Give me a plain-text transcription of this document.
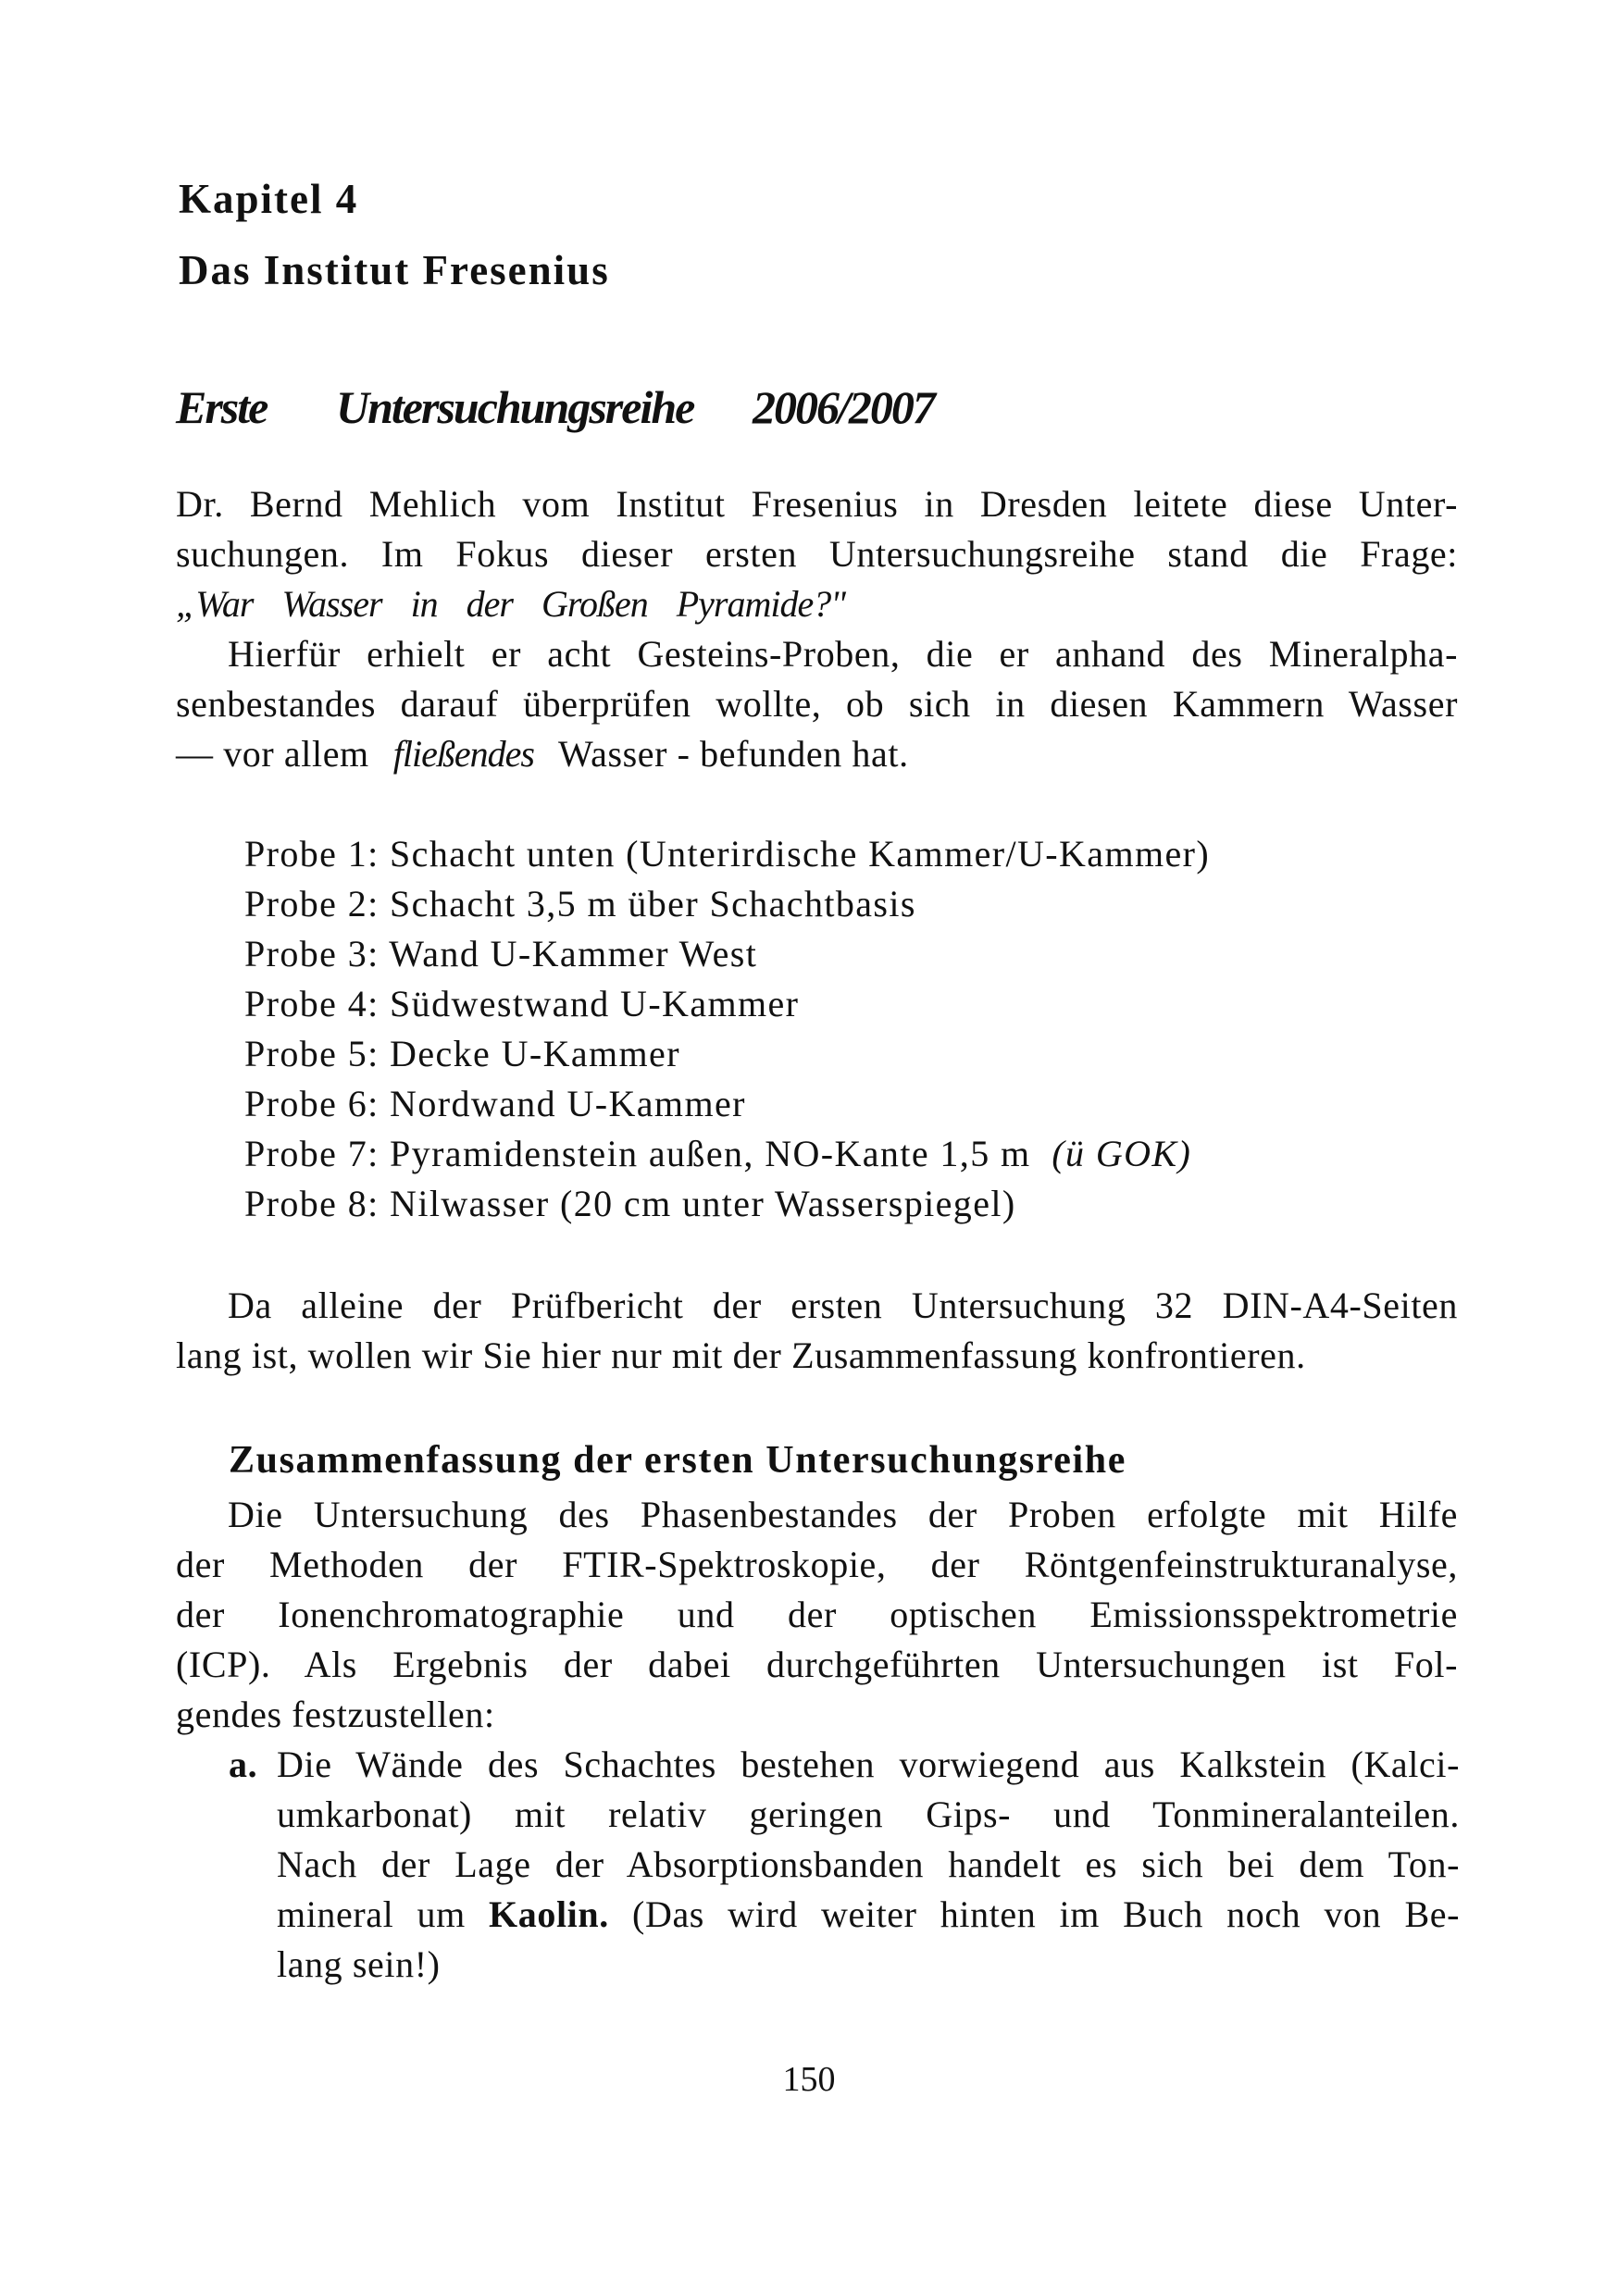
Kapitel 4
Das Institut Fresenius
Erste Untersuchungsreihe 2006/2007
Dr. Bernd Mehlich vom Institut Fresenius in Dresden leitete diese Unter-
suchungen. Im Fokus dieser ersten Untersuchungsreihe stand die Frage:
„War Wasser in der Großen Pyramide?"
Hierfür erhielt er acht Gesteins-Proben, die er anhand des Mineralpha-
senbestandes darauf überprüfen wollte, ob sich in diesen Kammern Wasser
— vor allem fließendes Wasser - befunden hat.
Probe 1: Schacht unten (Unterirdische Kammer/U-Kammer)
Probe 2: Schacht 3,5 m über Schachtbasis
Probe 3: Wand U-Kammer West
Probe 4: Südwestwand U-Kammer
Probe 5: Decke U-Kammer
Probe 6: Nordwand U-Kammer
Probe 7: Pyramidenstein außen, NO-Kante 1,5 m (ü GOK)
Probe 8: Nilwasser (20 cm unter Wasserspiegel)
Da alleine der Prüfbericht der ersten Untersuchung 32 DIN-A4-Seiten
lang ist, wollen wir Sie hier nur mit der Zusammenfassung konfrontieren.
Zusammenfassung der ersten Untersuchungsreihe
Die Untersuchung des Phasenbestandes der Proben erfolgte mit Hilfe
der Methoden der FTIR-Spektroskopie, der Röntgenfeinstrukturanalyse,
der Ionenchromatographie und der optischen Emissionsspektrometrie
(ICP). Als Ergebnis der dabei durchgeführten Untersuchungen ist Fol-
gendes festzustellen:
a. Die Wände des Schachtes bestehen vorwiegend aus Kalkstein (Kalci-
umkarbonat) mit relativ geringen Gips- und Tonmineralanteilen.
Nach der Lage der Absorptionsbanden handelt es sich bei dem Ton-
mineral um Kaolin. (Das wird weiter hinten im Buch noch von Be-
lang sein!)
150
